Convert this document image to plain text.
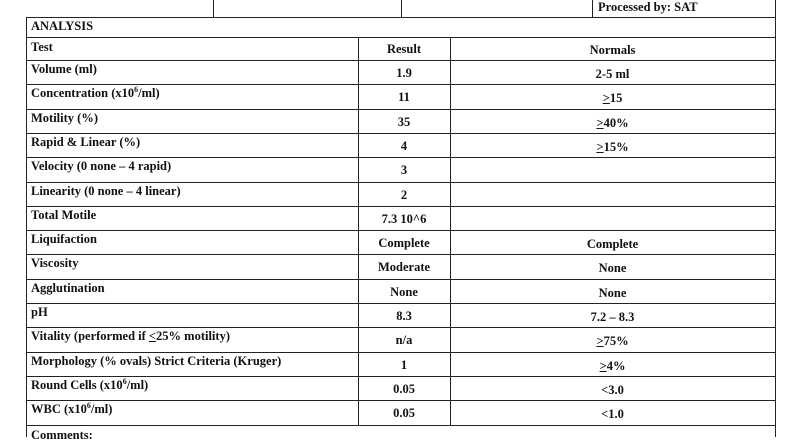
Processed by: SAT
ANALYSIS
Test	Result	Normals
Volume (ml)	1.9	2-5 ml
Concentration $(x10^6/ml)$	11	>15
Motility (%)	35	>40%
Rapid & Linear (%)	4	>15%
Velocity (0 none – 4 rapid)	3
Linearity (0 none – 4 linear)	2
Total Motile	7.3 10^6
Liquifaction	Complete	Complete
Viscosity	Moderate	None
Agglutination	None	None
pH	8.3	7.2 – 8.3
Vitality (performed if <25% motility)	n/a	>75%
Morphology (% ovals) Strict Criteria (Kruger)	1	>4%
Round Cells $(x10^6/ml)$	0.05	<3.0
WBC $(x10^6/ml)$	0.05	<1.0
Comments:
